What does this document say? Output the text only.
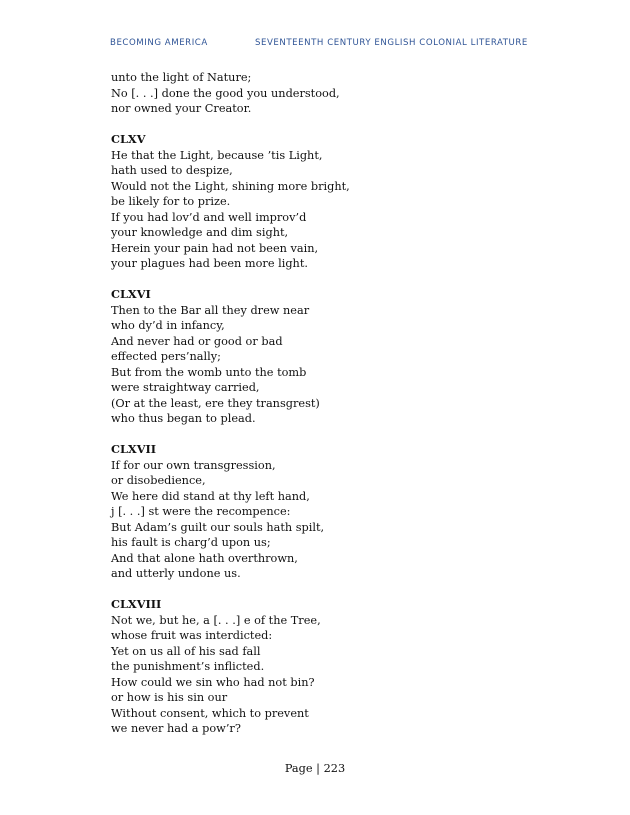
BECOMING AMERICA	SEVENTEENTH CENTURY ENGLISH COLONIAL LITERATURE
unto the light of Nature;
No [. . .] done the good you understood,
nor owned your Creator.
CLXV
He that the Light, because ’tis Light,
hath used to despize,
Would not the Light, shining more bright,
be likely for to prize.
If you had lov’d and well improv’d
your knowledge and dim sight,
Herein your pain had not been vain,
your plagues had been more light.
CLXVI
Then to the Bar all they drew near
who dy’d in infancy,
And never had or good or bad
effected pers’nally;
But from the womb unto the tomb
were straightway carried,
(Or at the least, ere they transgrest)
who thus began to plead.
CLXVII
If for our own transgression,
or disobedience,
We here did stand at thy left hand,
j [. . .] st were the recompence:
But Adam’s guilt our souls hath spilt,
his fault is charg’d upon us;
And that alone hath overthrown,
and utterly undone us.
CLXVIII
Not we, but he, a [. . .] e of the Tree,
whose fruit was interdicted:
Yet on us all of his sad fall
the punishment’s inflicted.
How could we sin who had not bin?
or how is his sin our
Without consent, which to prevent
we never had a pow’r?
Page | 223
